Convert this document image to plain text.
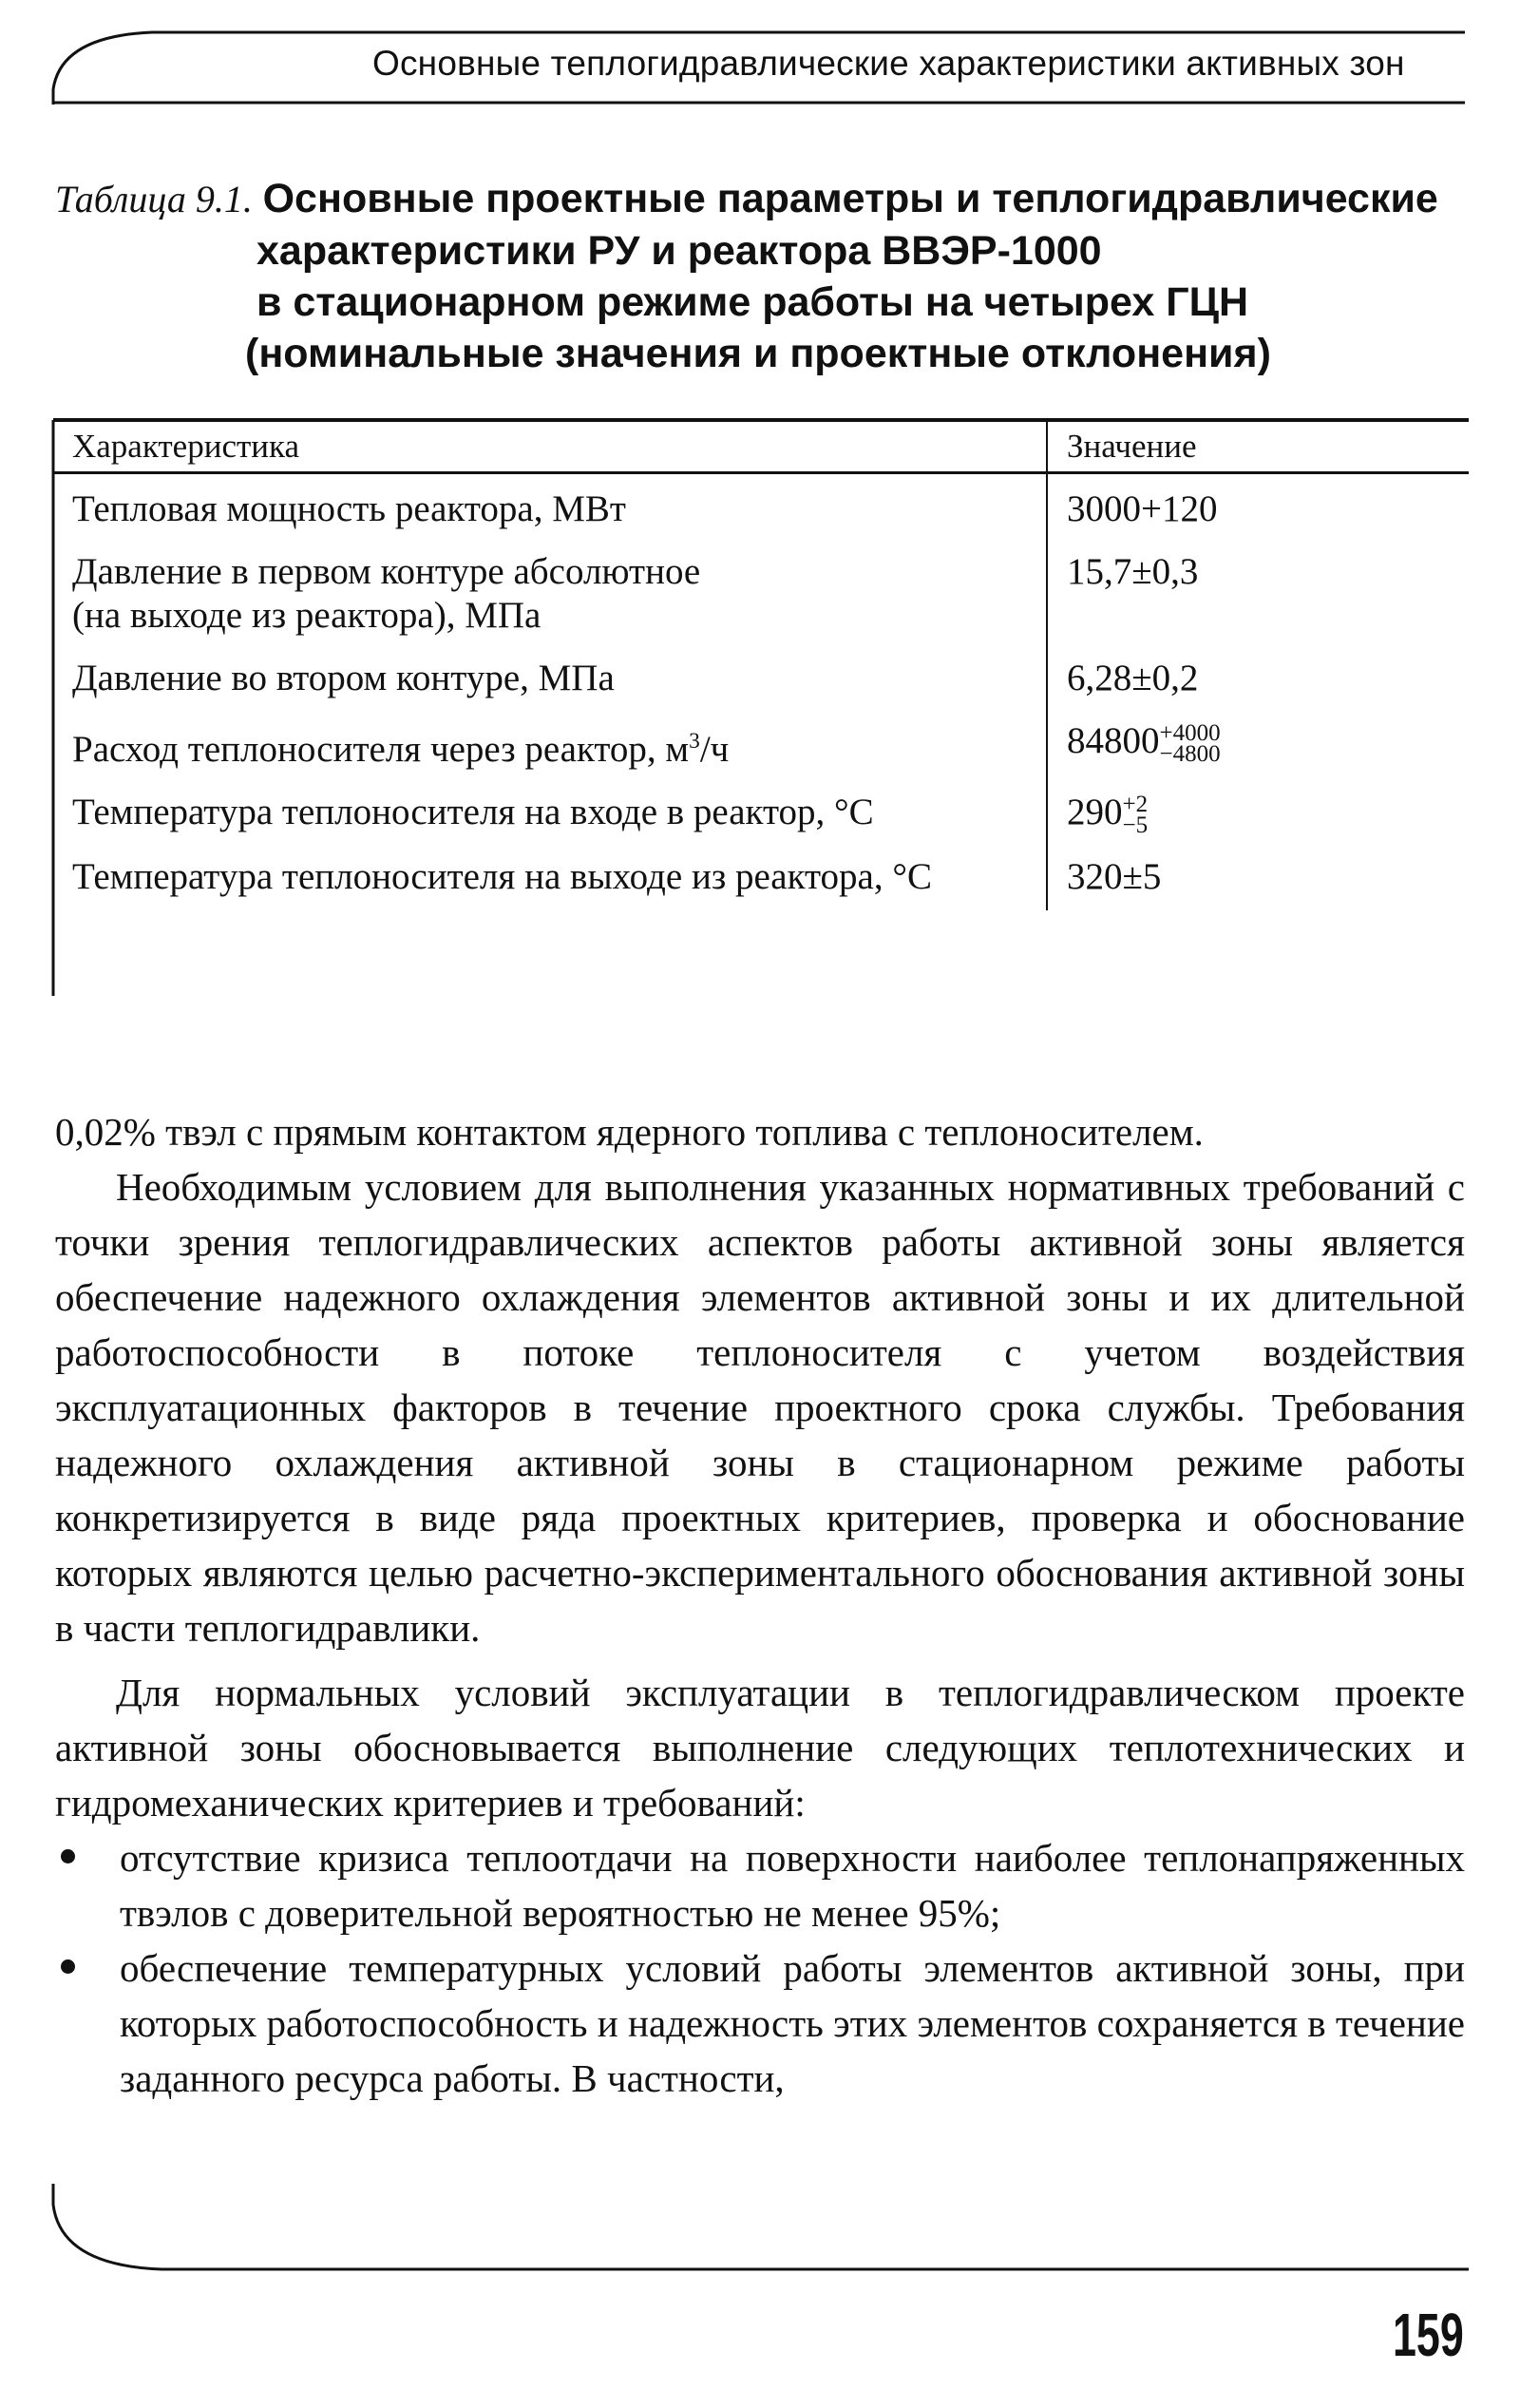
Основные теплогидравлические характеристики активных зон
Таблица 9.1. Основные проектные параметры и теплогидравлические
характеристики РУ и реактора ВВЭР-1000
в стационарном режиме работы на четырех ГЦН
(номинальные значения и проектные отклонения)
Характеристика	Значение
Тепловая мощность реактора, МВт	3000+120
Давление в первом контуре абсолютное
(на выходе из реактора), МПа	15,7±0,3
Давление во втором контуре, МПа	6,28±0,2
Расход теплоносителя через реактор, $м^3/ч$	84800 +4000
−4800

Температура теплоносителя на входе в реактор, °C	290 +2
−5

Температура теплоносителя на выходе из реактора, °C	320±5

0,02% твэл с прямым контактом ядерного топлива с теплоносителем.

Необходимым условием для выполнения указанных нормативных требований с точки зрения теплогидравлических аспектов работы активной зоны является обеспечение надежного охлаждения элементов активной зоны и их длительной работоспособности в потоке теплоносителя с учетом воздействия эксплуатационных факторов в течение проектного срока службы. Требования надежного охлаждения активной зоны в стационарном режиме работы конкретизируется в виде ряда проектных критериев, проверка и обоснование которых являются целью расчетно-экспериментального обоснования активной зоны в части теплогидравлики.

Для нормальных условий эксплуатации в теплогидравлическом проекте активной зоны обосновывается выполнение следующих теплотехнических и гидромеханических критериев и требований:

отсутствие кризиса теплоотдачи на поверхности наиболее теплонапряженных твэлов с доверительной вероятностью не менее 95%;
обеспечение температурных условий работы элементов активной зоны, при которых работоспособность и надежность этих элементов сохраняется в течение заданного ресурса работы. В частности,
159
